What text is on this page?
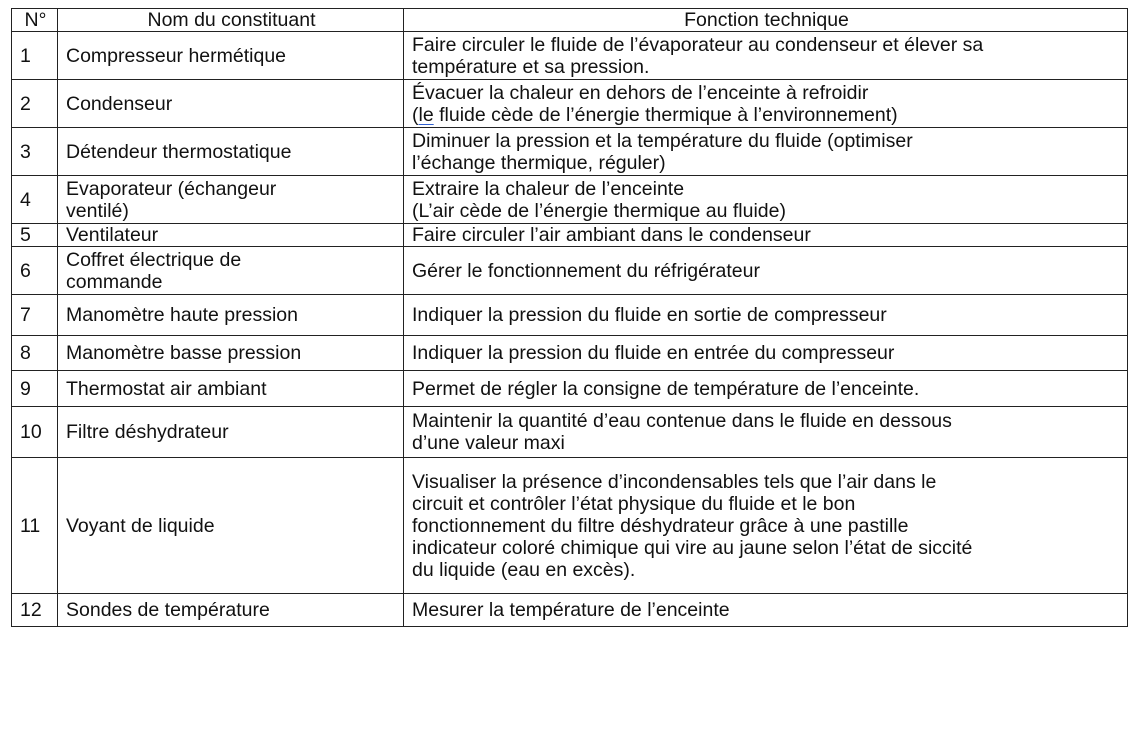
N°	Nom du constituant	Fonction technique
1	Compresseur hermétique	Faire circuler le fluide de l’évaporateur au condenseur et élever sa
température et sa pression.

2	Condenseur	Évacuer la chaleur en dehors de l’enceinte à refroidir
(le fluide cède de l’énergie thermique à l’environnement)

3	Détendeur thermostatique	Diminuer la pression et la température du fluide (optimiser
l’échange thermique, réguler)

4	Evaporateur (échangeur
ventilé)	Extraire la chaleur de l’enceinte
(L’air cède de l’énergie thermique au fluide)

5	Ventilateur	Faire circuler l’air ambiant dans le condenseur

6	Coffret électrique de
commande	Gérer le fonctionnement du réfrigérateur

7	Manomètre haute pression	Indiquer la pression du fluide en sortie de compresseur

8	Manomètre basse pression	Indiquer la pression du fluide en entrée du compresseur

9	Thermostat air ambiant	Permet de régler la consigne de température de l’enceinte.

10	Filtre déshydrateur	Maintenir la quantité d’eau contenue dans le fluide en dessous
d’une valeur maxi

11	Voyant de liquide	Visualiser la présence d’incondensables tels que l’air dans le
circuit et contrôler l’état physique du fluide et le bon
fonctionnement du filtre déshydrateur grâce à une pastille
indicateur coloré chimique qui vire au jaune selon l’état de siccité
du liquide (eau en excès).

12	Sondes de température	Mesurer la température de l’enceinte
